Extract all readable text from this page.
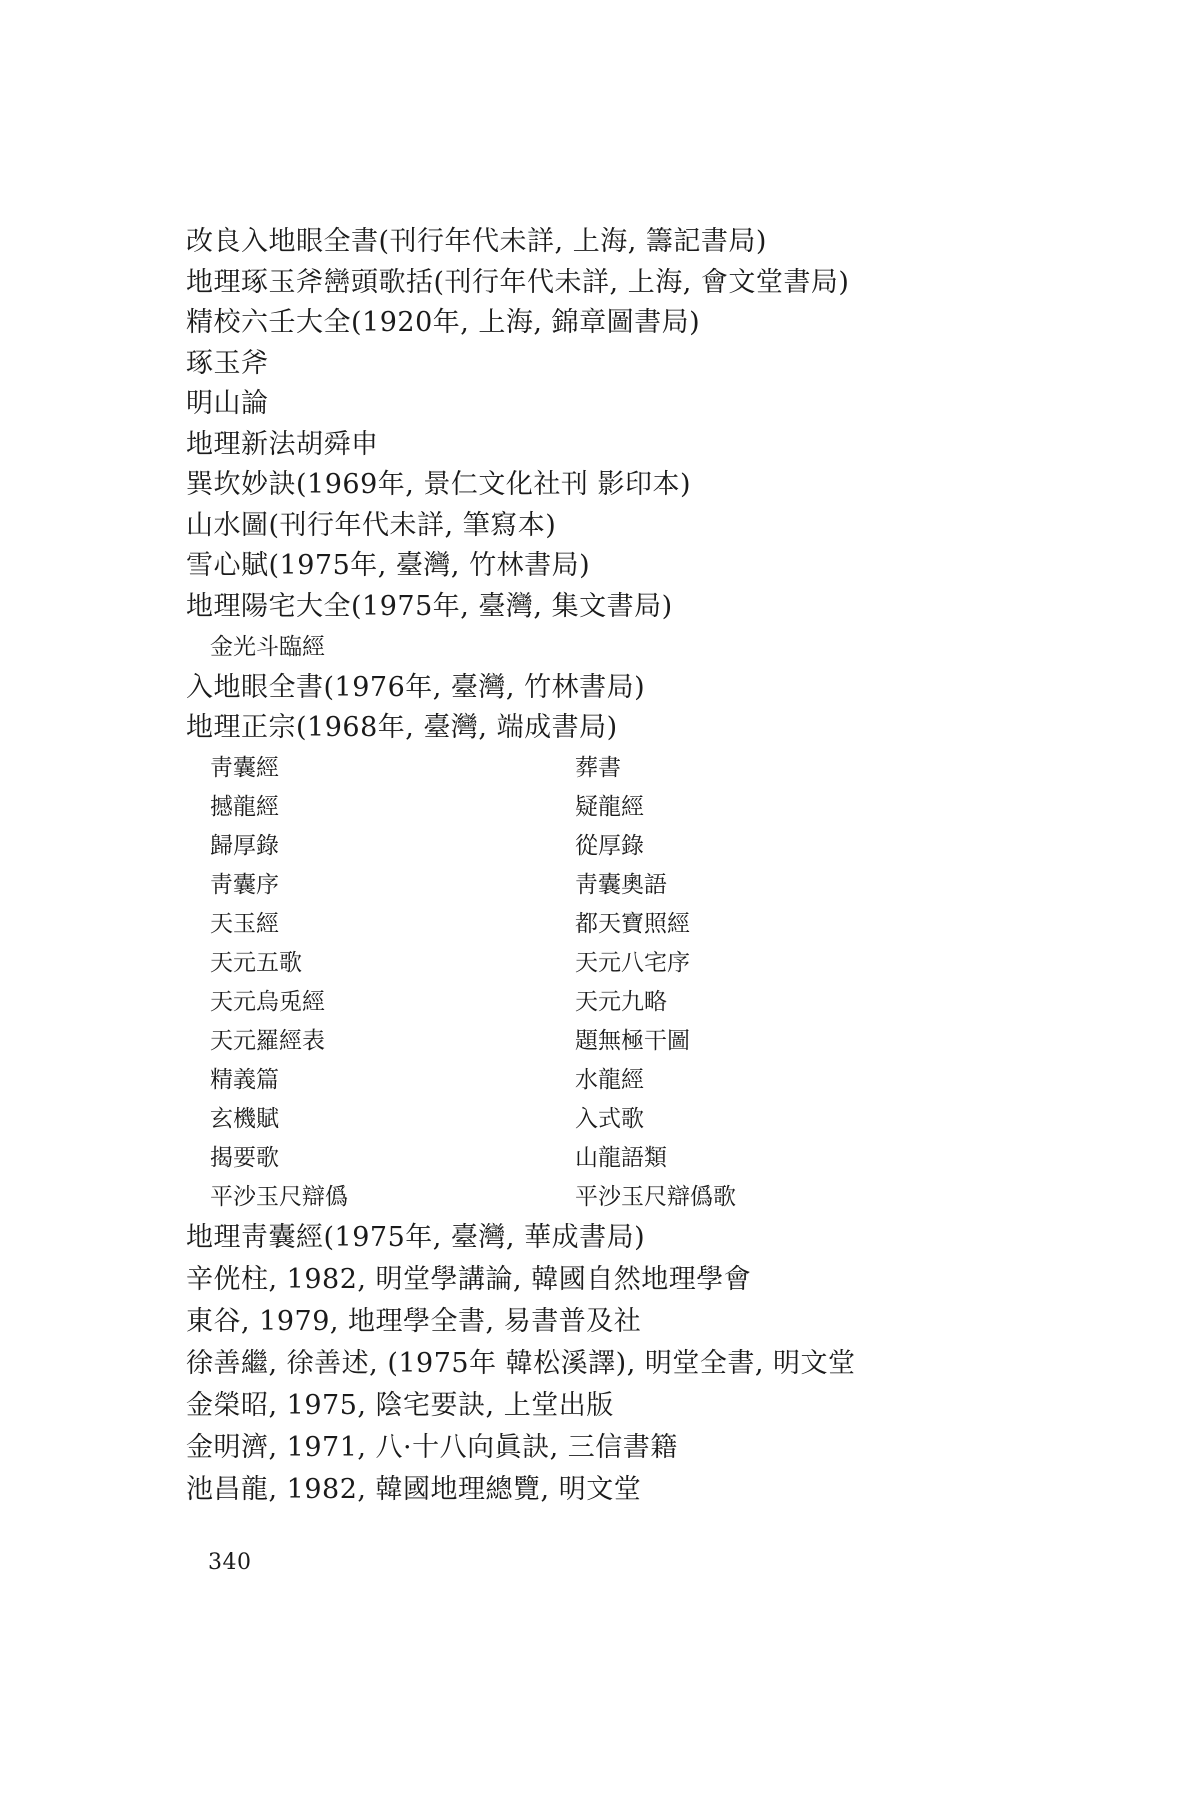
改良入地眼全書(刊行年代未詳, 上海, 籌記書局)
地理琢玉斧巒頭歌括(刊行年代未詳, 上海, 會文堂書局)
精校六壬大全(1920年, 上海, 錦章圖書局)
琢玉斧
明山論
地理新法胡舜申
巽坎妙訣(1969年, 景仁文化社刊 影印本)
山水圖(刊行年代未詳, 筆寫本)
雪心賦(1975年, 臺灣, 竹林書局)
地理陽宅大全(1975年, 臺灣, 集文書局)
金光斗臨經
入地眼全書(1976年, 臺灣, 竹林書局)
地理正宗(1968年, 臺灣, 端成書局)
靑囊經	葬書
撼龍經	疑龍經
歸厚錄	從厚錄
靑囊序	靑囊奧語
天玉經	都天寶照經
天元五歌	天元八宅序
天元烏兎經	天元九略
天元羅經表	題無極干圖
精義篇	水龍經
玄機賦	入式歌
揭要歌	山龍語類
平沙玉尺辯僞	平沙玉尺辯僞歌
地理靑囊經(1975年, 臺灣, 華成書局)
辛侊柱, 1982, 明堂學講論, 韓國自然地理學會
東谷, 1979, 地理學全書, 易書普及社
徐善繼, 徐善述, (1975年 韓松溪譯), 明堂全書, 明文堂
金榮昭, 1975, 陰宅要訣, 上堂出版
金明濟, 1971, 八·十八向眞訣, 三信書籍
池昌龍, 1982, 韓國地理總覽, 明文堂
340
